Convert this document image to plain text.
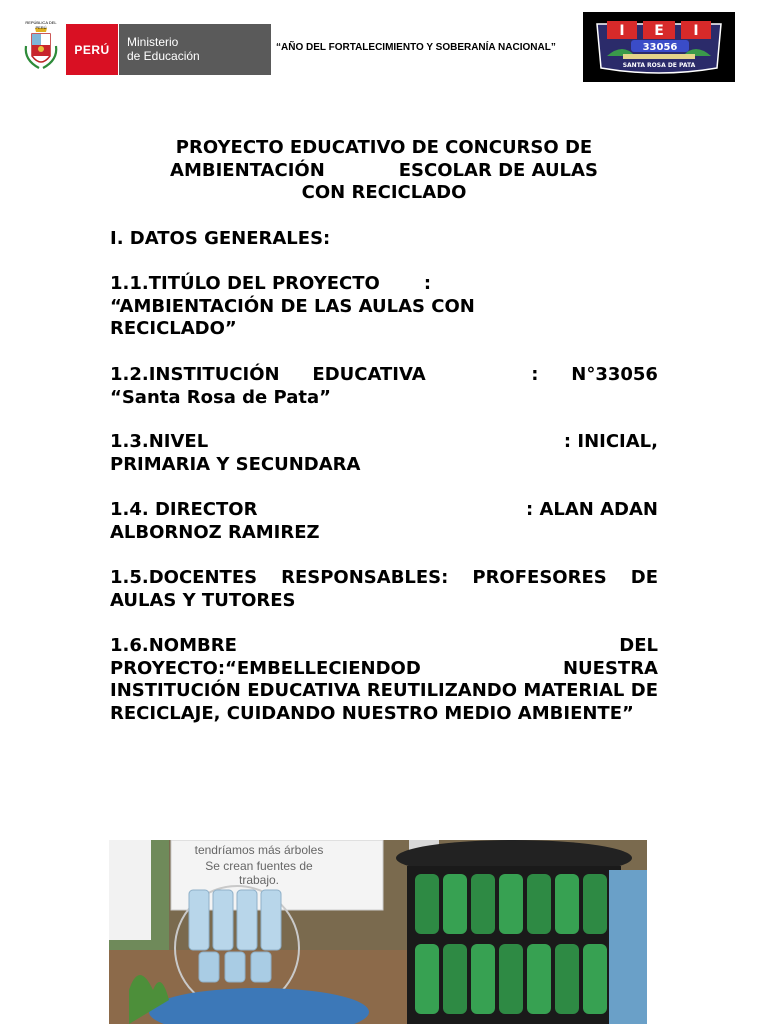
REPÚBLICA DEL PERÚ
PERÚ
Ministerio
de Educación
“AÑO DEL FORTALECIMIENTO Y SOBERANÍA NACIONAL”
I E I
33056
SANTA ROSA DE PATA
PROYECTO EDUCATIVO DE CONCURSO DE
AMBIENTACIÓN	ESCOLAR DE AULAS
CON RECICLADO
I. DATOS GENERALES:
1.1.TITÚLO DEL PROYECTO :
“AMBIENTACIÓN DE LAS AULAS CON
RECICLADO”
1.2.INSTITUCIÓN EDUCATIVA	: N°33056
“Santa Rosa de Pata”
1.3.NIVEL	: INICIAL,
PRIMARIA Y SECUNDARA
1.4. DIRECTOR	: ALAN ADAN
ALBORNOZ RAMIREZ
1.5.DOCENTES RESPONSABLES: PROFESORES DE AULAS Y TUTORES
1.6.NOMBRE	DEL
PROYECTO:“EMBELLECIENDOD NUESTRA INSTITUCIÓN EDUCATIVA REUTILIZANDO MATERIAL DE RECICLAJE, CUIDANDO NUESTRO MEDIO AMBIENTE”
tendríamos más árboles
Se crean fuentes de
trabajo.
